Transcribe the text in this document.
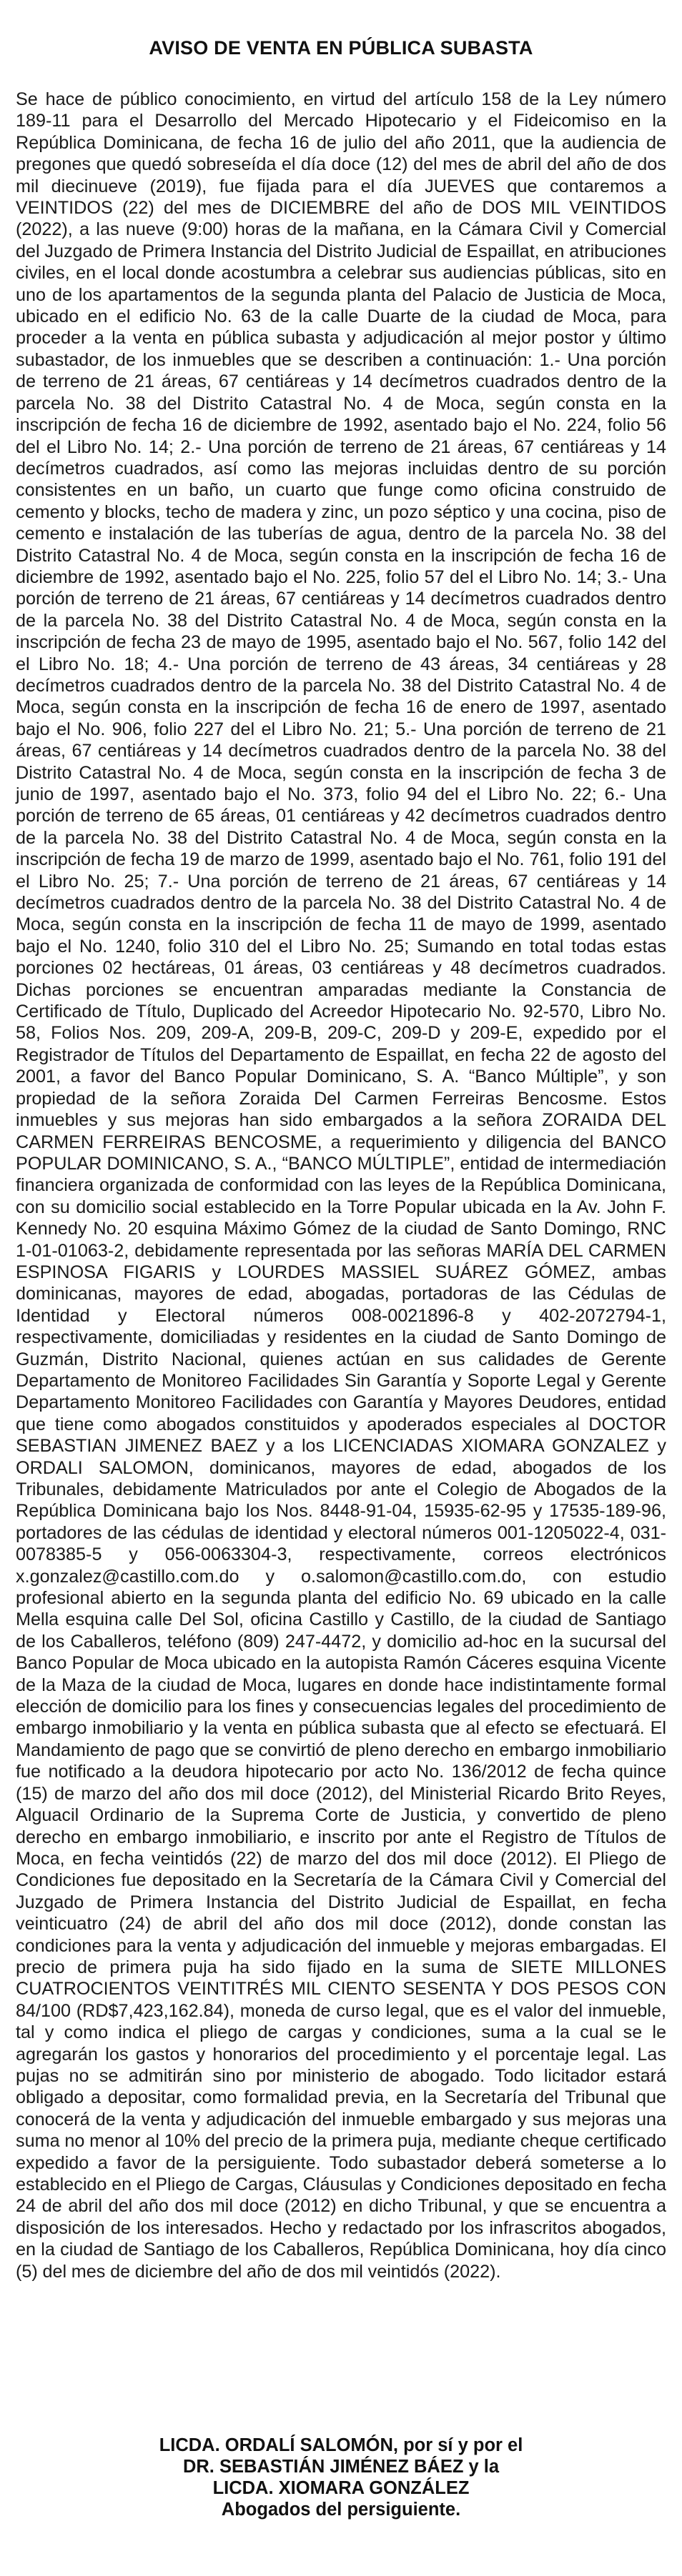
AVISO DE VENTA EN PÚBLICA SUBASTA
Se hace de público conocimiento, en virtud del artículo 158 de la Ley número 189-11 para el Desarrollo del Mercado Hipotecario y el Fideicomiso en la República Dominicana, de fecha 16 de julio del año 2011, que la audiencia de pregones que quedó sobreseída el día doce (12) del mes de abril del año de dos mil diecinueve (2019), fue fijada para el día JUEVES que contaremos a VEINTIDOS (22) del mes de DICIEMBRE del año de DOS MIL VEINTIDOS (2022), a las nueve (9:00) horas de la mañana, en la Cámara Civil y Comercial del Juzgado de Primera Instancia del Distrito Judicial de Espaillat, en atribuciones civiles, en el local donde acostumbra a celebrar sus audiencias públicas, sito en uno de los apartamentos de la segunda planta del Palacio de Justicia de Moca, ubicado en el edificio No. 63 de la calle Duarte de la ciudad de Moca, para proceder a la venta en pública subasta y adjudicación al mejor postor y último subastador, de los inmuebles que se describen a continuación: 1.- Una porción de terreno de 21 áreas, 67 centiáreas y 14 decímetros cuadrados dentro de la parcela No. 38 del Distrito Catastral No. 4 de Moca, según consta en la inscripción de fecha 16 de diciembre de 1992, asentado bajo el No. 224, folio 56 del el Libro No. 14; 2.- Una porción de terreno de 21 áreas, 67 centiáreas y 14 decímetros cuadrados, así como las mejoras incluidas dentro de su porción consistentes en un baño, un cuarto que funge como oficina construido de cemento y blocks, techo de madera y zinc, un pozo séptico y una cocina, piso de cemento e instalación de las tuberías de agua, dentro de la parcela No. 38 del Distrito Catastral No. 4 de Moca, según consta en la inscripción de fecha 16 de diciembre de 1992, asentado bajo el No. 225, folio 57 del el Libro No. 14; 3.- Una porción de terreno de 21 áreas, 67 centiáreas y 14 decímetros cuadrados dentro de la parcela No. 38 del Distrito Catastral No. 4 de Moca, según consta en la inscripción de fecha 23 de mayo de 1995, asentado bajo el No. 567, folio 142 del el Libro No. 18; 4.- Una porción de terreno de 43 áreas, 34 centiáreas y 28 decímetros cuadrados dentro de la parcela No. 38 del Distrito Catastral No. 4 de Moca, según consta en la inscripción de fecha 16 de enero de 1997, asentado bajo el No. 906, folio 227 del el Libro No. 21; 5.- Una porción de terreno de 21 áreas, 67 centiáreas y 14 decímetros cuadrados dentro de la parcela No. 38 del Distrito Catastral No. 4 de Moca, según consta en la inscripción de fecha 3 de junio de 1997, asentado bajo el No. 373, folio 94 del el Libro No. 22; 6.- Una porción de terreno de 65 áreas, 01 centiáreas y 42 decímetros cuadrados dentro de la parcela No. 38 del Distrito Catastral No. 4 de Moca, según consta en la inscripción de fecha 19 de marzo de 1999, asentado bajo el No. 761, folio 191 del el Libro No. 25; 7.- Una porción de terreno de 21 áreas, 67 centiáreas y 14 decímetros cuadrados dentro de la parcela No. 38 del Distrito Catastral No. 4 de Moca, según consta en la inscripción de fecha 11 de mayo de 1999, asentado bajo el No. 1240, folio 310 del el Libro No. 25; Sumando en total todas estas porciones 02 hectáreas, 01 áreas, 03 centiáreas y 48 decímetros cuadrados. Dichas porciones se encuentran amparadas mediante la Constancia de Certificado de Título, Duplicado del Acreedor Hipotecario No. 92-570, Libro No. 58, Folios Nos. 209, 209-A, 209-B, 209-C, 209-D y 209-E, expedido por el Registrador de Títulos del Departamento de Espaillat, en fecha 22 de agosto del 2001, a favor del Banco Popular Dominicano, S. A. “Banco Múltiple”, y son propiedad de la señora Zoraida Del Carmen Ferreiras Bencosme. Estos inmuebles y sus mejoras han sido embargados a la señora ZORAIDA DEL CARMEN FERREIRAS BENCOSME, a requerimiento y diligencia del BANCO POPULAR DOMINICANO, S. A., “BANCO MÚLTIPLE”, entidad de intermediación financiera organizada de conformidad con las leyes de la República Dominicana, con su domicilio social establecido en la Torre Popular ubicada en la Av. John F. Kennedy No. 20 esquina Máximo Gómez de la ciudad de Santo Domingo, RNC 1-01-01063-2, debidamente representada por las señoras MARÍA DEL CARMEN ESPINOSA FIGARIS y LOURDES MASSIEL SUÁREZ GÓMEZ, ambas dominicanas, mayores de edad, abogadas, portadoras de las Cédulas de Identidad y Electoral números 008-0021896-8 y 402-2072794-1, respectivamente, domiciliadas y residentes en la ciudad de Santo Domingo de Guzmán, Distrito Nacional, quienes actúan en sus calidades de Gerente Departamento de Monitoreo Facilidades Sin Garantía y Soporte Legal y Gerente Departamento Monitoreo Facilidades con Garantía y Mayores Deudores, entidad que tiene como abogados constituidos y apoderados especiales al DOCTOR SEBASTIAN JIMENEZ BAEZ y a los LICENCIADAS XIOMARA GONZALEZ y ORDALI SALOMON, dominicanos, mayores de edad, abogados de los Tribunales, debidamente Matriculados por ante el Colegio de Abogados de la República Dominicana bajo los Nos. 8448-91-04, 15935-62-95 y 17535-189-96, portadores de las cédulas de identidad y electoral números 001-1205022-4, 031-0078385-5 y 056-0063304-3, respectivamente, correos electrónicos x.gonzalez@castillo.com.do y o.salomon@castillo.com.do, con estudio profesional abierto en la segunda planta del edificio No. 69 ubicado en la calle Mella esquina calle Del Sol, oficina Castillo y Castillo, de la ciudad de Santiago de los Caballeros, teléfono (809) 247-4472, y domicilio ad-hoc en la sucursal del Banco Popular de Moca ubicado en la autopista Ramón Cáceres esquina Vicente de la Maza de la ciudad de Moca, lugares en donde hace indistintamente formal elección de domicilio para los fines y consecuencias legales del procedimiento de embargo inmobiliario y la venta en pública subasta que al efecto se efectuará. El Mandamiento de pago que se convirtió de pleno derecho en embargo inmobiliario fue notificado a la deudora hipotecario por acto No. 136/2012 de fecha quince (15) de marzo del año dos mil doce (2012), del Ministerial Ricardo Brito Reyes, Alguacil Ordinario de la Suprema Corte de Justicia, y convertido de pleno derecho en embargo inmobiliario, e inscrito por ante el Registro de Títulos de Moca, en fecha veintidós (22) de marzo del dos mil doce (2012). El Pliego de Condiciones fue depositado en la Secretaría de la Cámara Civil y Comercial del Juzgado de Primera Instancia del Distrito Judicial de Espaillat, en fecha veinticuatro (24) de abril del año dos mil doce (2012), donde constan las condiciones para la venta y adjudicación del inmueble y mejoras embargadas. El precio de primera puja ha sido fijado en la suma de SIETE MILLONES CUATROCIENTOS VEINTITRÉS MIL CIENTO SESENTA Y DOS PESOS CON 84/100 (RD$7,423,162.84), moneda de curso legal, que es el valor del inmueble, tal y como indica el pliego de cargas y condiciones, suma a la cual se le agregarán los gastos y honorarios del procedimiento y el porcentaje legal. Las pujas no se admitirán sino por ministerio de abogado. Todo licitador estará obligado a depositar, como formalidad previa, en la Secretaría del Tribunal que conocerá de la venta y adjudicación del inmueble embargado y sus mejoras una suma no menor al 10% del precio de la primera puja, mediante cheque certificado expedido a favor de la persiguiente. Todo subastador deberá someterse a lo establecido en el Pliego de Cargas, Cláusulas y Condiciones depositado en fecha 24 de abril del año dos mil doce (2012) en dicho Tribunal, y que se encuentra a disposición de los interesados. Hecho y redactado por los infrascritos abogados, en la ciudad de Santiago de los Caballeros, República Dominicana, hoy día cinco (5) del mes de diciembre del año de dos mil veintidós (2022).
LICDA. ORDALÍ SALOMÓN, por sí y por el
DR. SEBASTIÁN JIMÉNEZ BÁEZ y la
LICDA. XIOMARA GONZÁLEZ
Abogados del persiguiente.
